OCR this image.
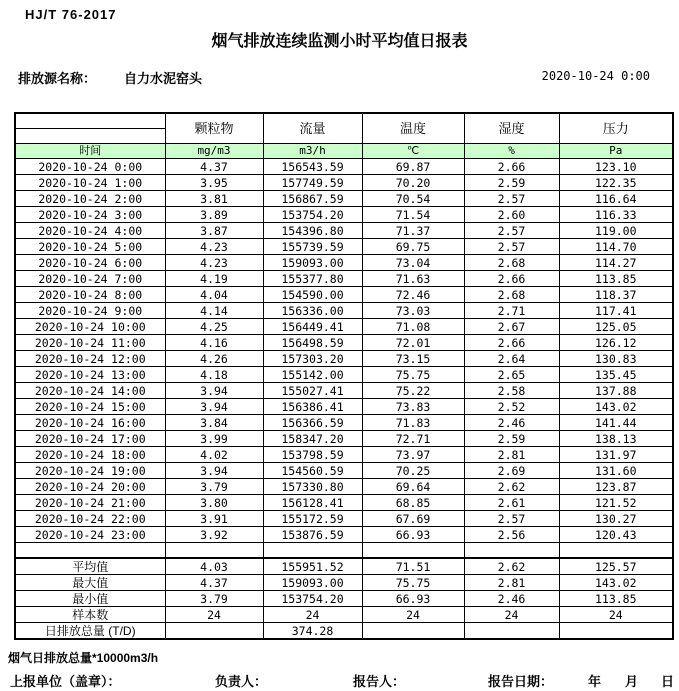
HJ/T 76-2017
烟气排放连续监测小时平均值日报表
排放源名称： 自力水泥窑头	2020-10-24 0:00
	颗粒物	流量	温度	湿度	压力

时间	mg/m3	m3/h	℃	%	Pa
2020-10-24 0:00	4.37	156543.59	69.87	2.66	123.10
2020-10-24 1:00	3.95	157749.59	70.20	2.59	122.35
2020-10-24 2:00	3.81	156867.59	70.54	2.57	116.64
2020-10-24 3:00	3.89	153754.20	71.54	2.60	116.33
2020-10-24 4:00	3.87	154396.80	71.37	2.57	119.00
2020-10-24 5:00	4.23	155739.59	69.75	2.57	114.70
2020-10-24 6:00	4.23	159093.00	73.04	2.68	114.27
2020-10-24 7:00	4.19	155377.80	71.63	2.66	113.85
2020-10-24 8:00	4.04	154590.00	72.46	2.68	118.37
2020-10-24 9:00	4.14	156336.00	73.03	2.71	117.41
2020-10-24 10:00	4.25	156449.41	71.08	2.67	125.05
2020-10-24 11:00	4.16	156498.59	72.01	2.66	126.12
2020-10-24 12:00	4.26	157303.20	73.15	2.64	130.83
2020-10-24 13:00	4.18	155142.00	75.75	2.65	135.45
2020-10-24 14:00	3.94	155027.41	75.22	2.58	137.88
2020-10-24 15:00	3.94	156386.41	73.83	2.52	143.02
2020-10-24 16:00	3.84	156366.59	71.83	2.46	141.44
2020-10-24 17:00	3.99	158347.20	72.71	2.59	138.13
2020-10-24 18:00	4.02	153798.59	73.97	2.81	131.97
2020-10-24 19:00	3.94	154560.59	70.25	2.69	131.60
2020-10-24 20:00	3.79	157330.80	69.64	2.62	123.87
2020-10-24 21:00	3.80	156128.41	68.85	2.61	121.52
2020-10-24 22:00	3.91	155172.59	67.69	2.57	130.27
2020-10-24 23:00	3.92	153876.59	66.93	2.56	120.43

平均值	4.03	155951.52	71.51	2.62	125.57
最大值	4.37	159093.00	75.75	2.81	143.02
最小值	3.79	153754.20	66.93	2.46	113.85
样本数	24	24	24	24	24
日排放总量 (T/D)		374.28			
烟气日排放总量*10000m3/h
上报单位（盖章）：	负责人：	报告人：	报告日期：	年 月 日
